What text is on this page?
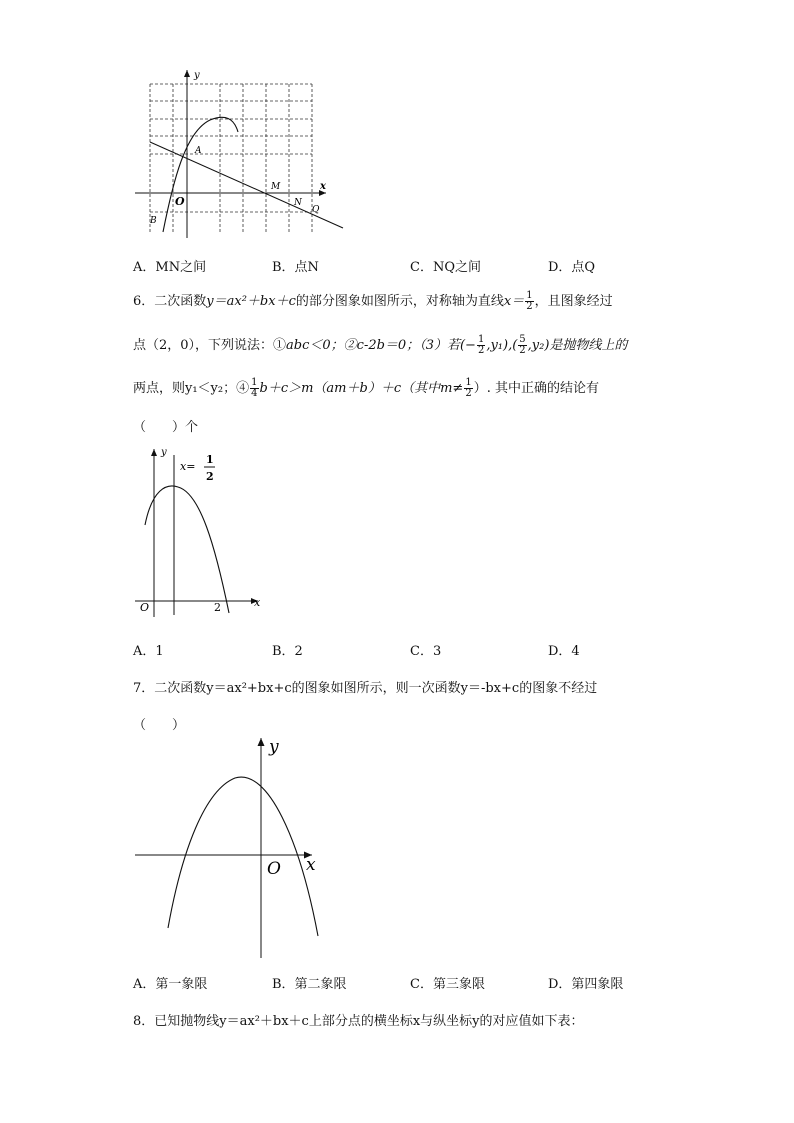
y
x
O
A
M
N
Q
B
A．MN之间	B．点N	C．NQ之间	D．点Q
6．二次函数y＝ax²＋bx＋c的部分图象如图所示，对称轴为直线$x= \frac{1}{2}$ ，且图象经过
点（2，0），下列说法：①abc＜0；②c-2b＝0；（3）若(− $\frac{1}{2} ,y_1),( \frac{5}{2} ,y_2)$是抛物线上的
两点，则y₁＜y₂；④ $\frac{1}{4} b+c>m(am+b)+c$（其中$m\ne \frac{1}{2}$ ）. 其中正确的结论有
（　　）个
y
x
O	2
x=
1
2
A．1	B．2	C．3	D．4
7．二次函数y＝ax²+bx+c的图象如图所示，则一次函数y＝-bx+c的图象不经过
（　　）
y
x
O
A．第一象限	B．第二象限	C．第三象限	D．第四象限
8．已知抛物线y＝ax²＋bx＋c上部分点的横坐标x与纵坐标y的对应值如下表：
